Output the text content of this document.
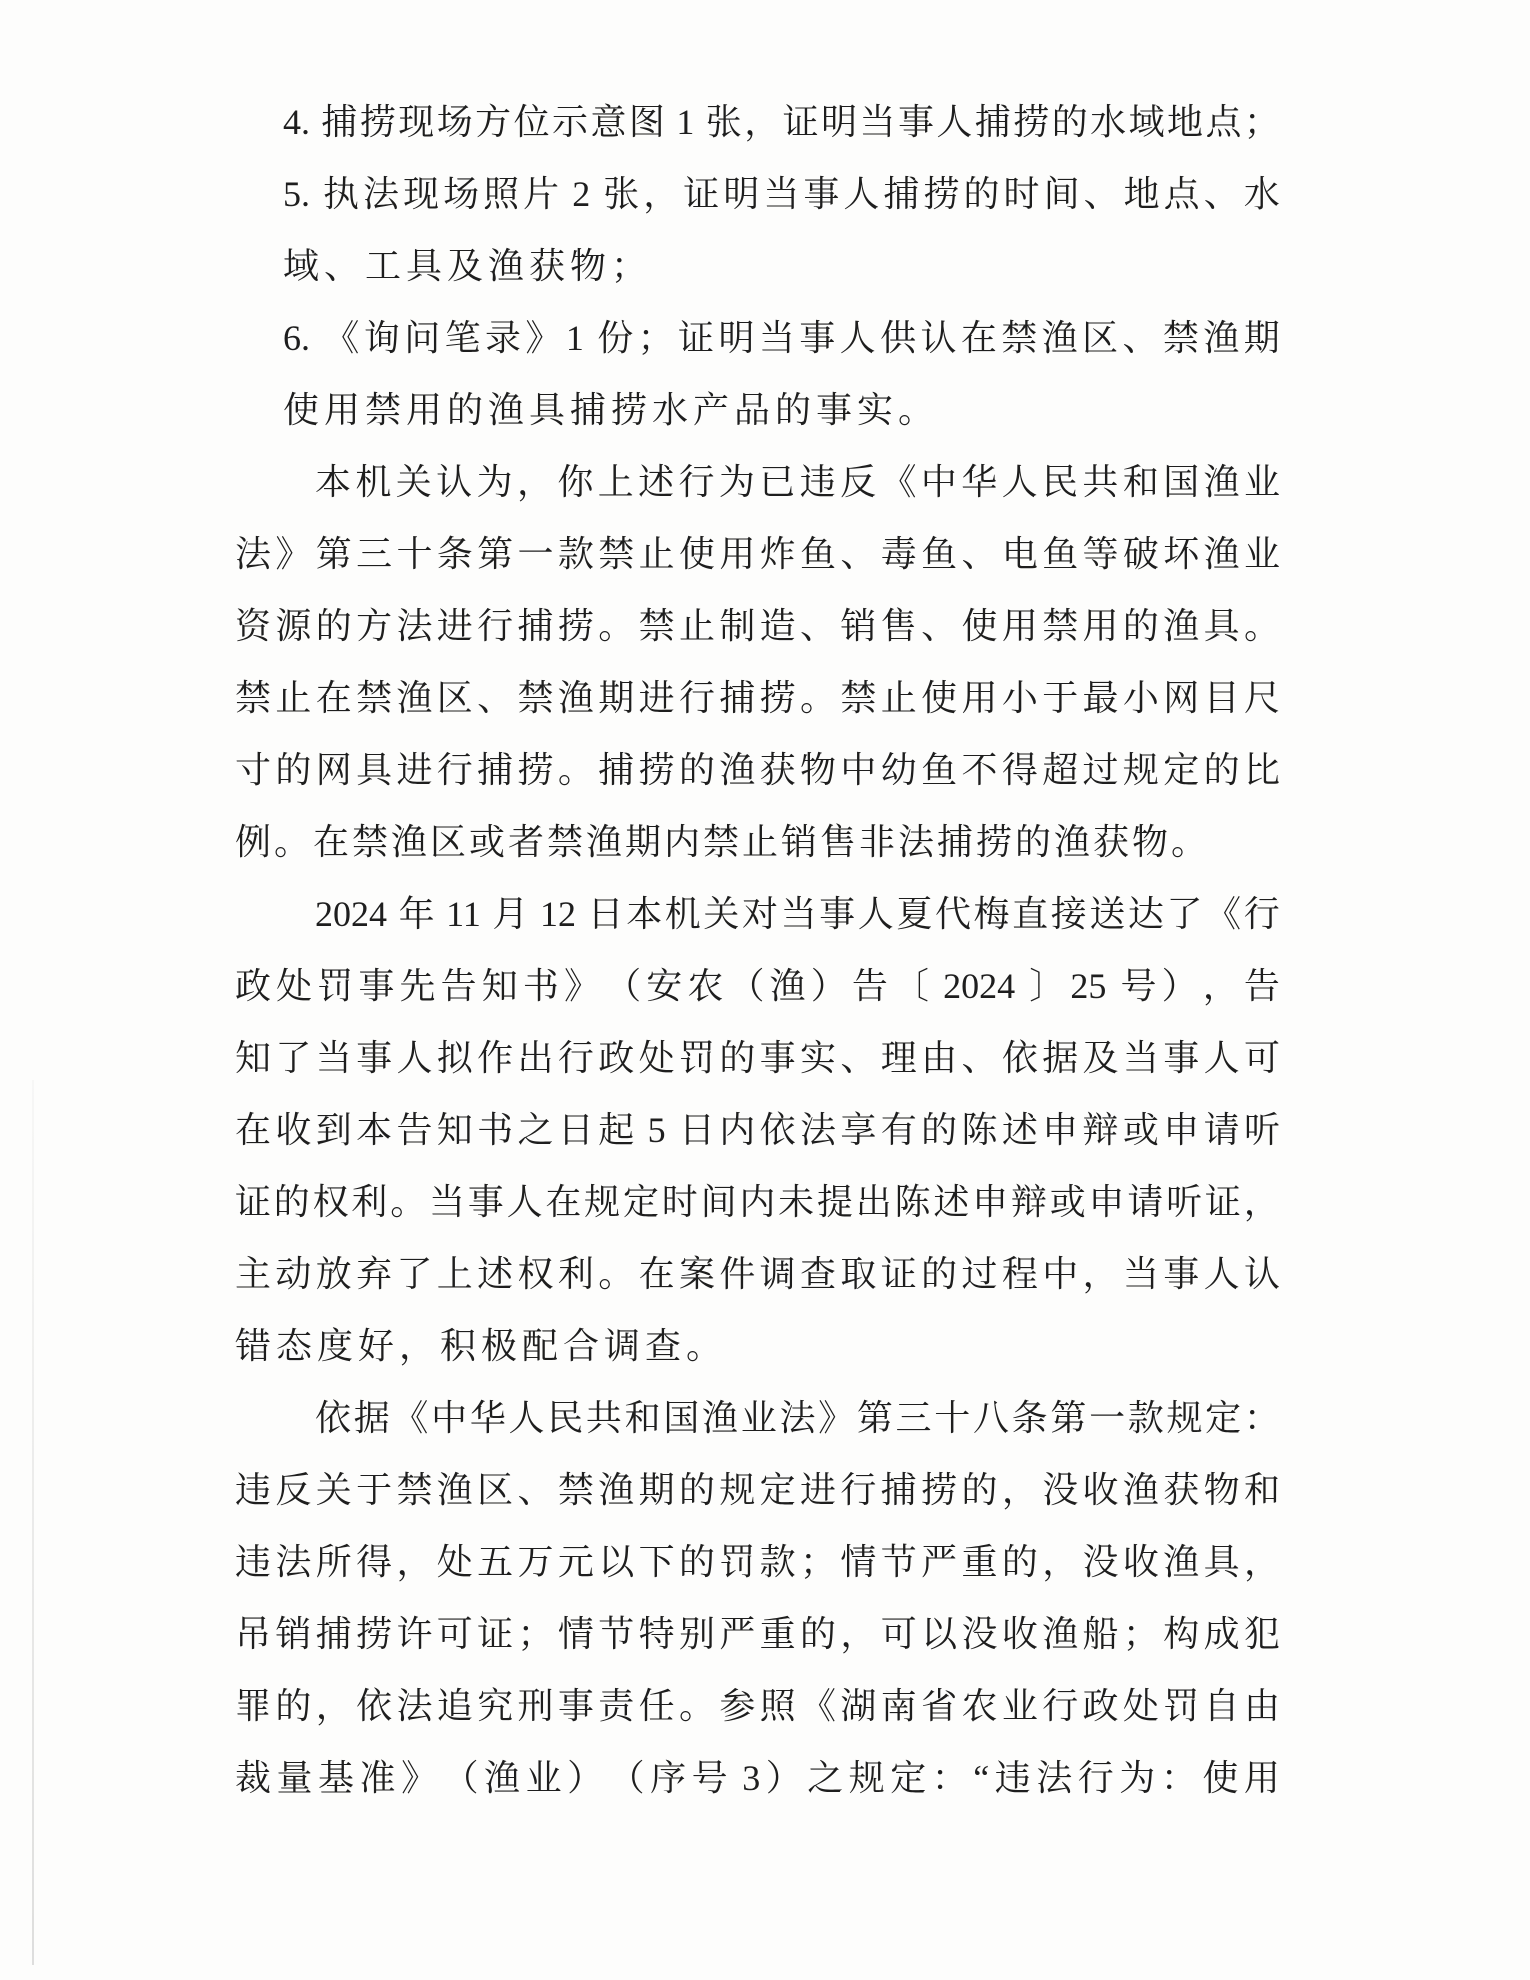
4. 捕 捞 现 场 方 位 示 意 图 1 张 ， 证 明 当 事 人 捕 捞 的 水 域 地 点 ；
5. 执 法 现 场 照 片 2 张 ， 证 明 当 事 人 捕 捞 的 时 间 、 地 点 、 水
域、工具及渔获物；
6. 《 询 问 笔 录 》 1 份 ； 证 明 当 事 人 供 认 在 禁 渔 区 、 禁 渔 期
使用禁用的渔具捕捞水产品的事实。
本 机 关 认 为 ， 你 上 述 行 为 已 违 反 《 中 华 人 民 共 和 国 渔 业
法 》 第 三 十 条 第 一 款 禁 止 使 用 炸 鱼 、 毒 鱼 、 电 鱼 等 破 坏 渔 业
资 源 的 方 法 进 行 捕 捞 。 禁 止 制 造 、 销 售 、 使 用 禁 用 的 渔 具 。
禁 止 在 禁 渔 区 、 禁 渔 期 进 行 捕 捞 。 禁 止 使 用 小 于 最 小 网 目 尺
寸 的 网 具 进 行 捕 捞 。 捕 捞 的 渔 获 物 中 幼 鱼 不 得 超 过 规 定 的 比
例。在禁渔区或者禁渔期内禁止销售非法捕捞的渔获物。
2024 年 11 月 12 日 本 机 关 对 当 事 人 夏 代 梅 直 接 送 达 了 《 行
政 处 罚 事 先 告 知 书 》 （ 安 农 （ 渔 ） 告 〔 2024 〕 25 号 ） ， 告
知 了 当 事 人 拟 作 出 行 政 处 罚 的 事 实 、 理 由 、 依 据 及 当 事 人 可
在 收 到 本 告 知 书 之 日 起 5 日 内 依 法 享 有 的 陈 述 申 辩 或 申 请 听
证 的 权 利 。 当 事 人 在 规 定 时 间 内 未 提 出 陈 述 申 辩 或 申 请 听 证 ，
主 动 放 弃 了 上 述 权 利 。 在 案 件 调 查 取 证 的 过 程 中 ， 当 事 人 认
错态度好，积极配合调查。
依 据 《 中 华 人 民 共 和 国 渔 业 法 》 第 三 十 八 条 第 一 款 规 定 ：
违 反 关 于 禁 渔 区 、 禁 渔 期 的 规 定 进 行 捕 捞 的 ， 没 收 渔 获 物 和
违 法 所 得 ， 处 五 万 元 以 下 的 罚 款 ； 情 节 严 重 的 ， 没 收 渔 具 ，
吊 销 捕 捞 许 可 证 ； 情 节 特 别 严 重 的 ， 可 以 没 收 渔 船 ； 构 成 犯
罪 的 ， 依 法 追 究 刑 事 责 任 。 参 照 《 湖 南 省 农 业 行 政 处 罚 自 由
裁 量 基 准 》 （ 渔 业 ） （ 序 号 3 ） 之 规 定 ： “ 违 法 行 为 ： 使 用
